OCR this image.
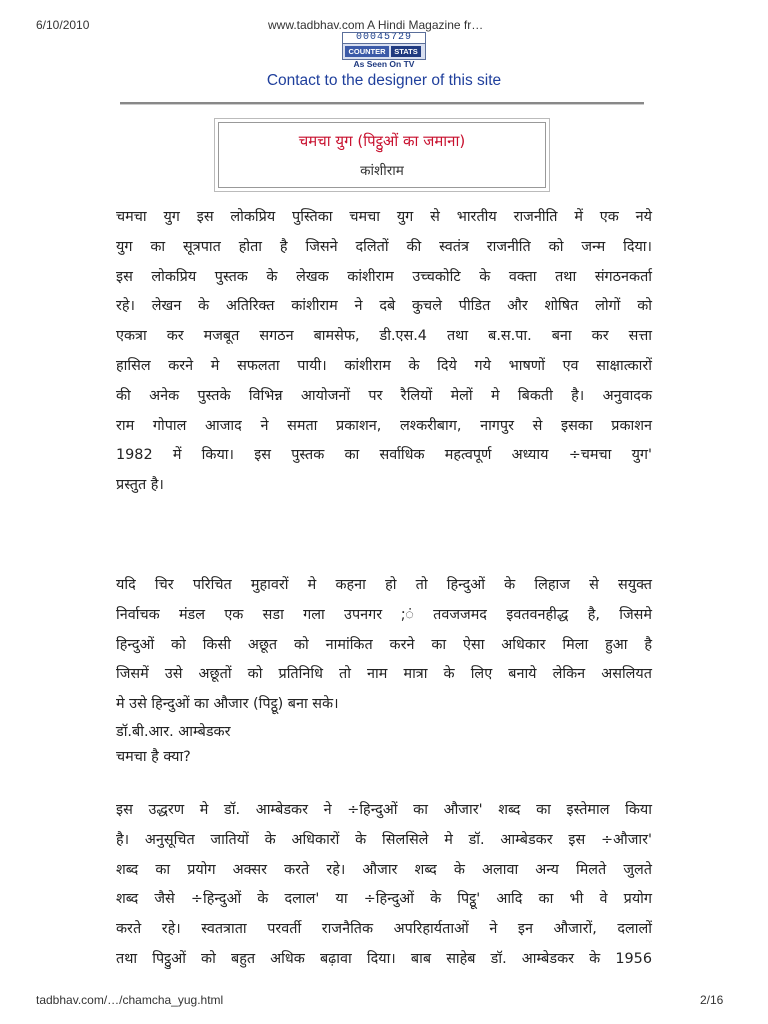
6/10/2010	www.tadbhav.com A Hindi Magazine fr…
00045729
COUNTER	STATS
As Seen On TV
Contact to the designer of this site
चमचा युग (पिट्ठुओं का जमाना)
कांशीराम
चमचा युग इस लोकप्रिय पुस्तिका चमचा युग से भारतीय राजनीति में एक नये
युग का सूत्रपात होता है जिसने दलितों की स्वतंत्र राजनीति को जन्म दिया।
इस लोकप्रिय पुस्तक के लेखक कांशीराम उच्चकोटि के वक्ता तथा संगठनकर्ता
रहे। लेखन के अतिरिक्त कांशीराम ने दबे कुचले पीडित और शोषित लोगों को
एकत्रा कर मजबूत सगठन बामसेफ, डी.एस.4 तथा ब.स.पा. बना कर सत्ता
हासिल करने मे सफलता पायी। कांशीराम के दिये गये भाषणों एव साक्षात्कारों
की अनेक पुस्तके विभिन्न आयोजनों पर रैलियों मेलों मे बिकती है। अनुवादक
राम गोपाल आजाद ने समता प्रकाशन, लश्करीबाग, नागपुर से इसका प्रकाशन
1982 में किया। इस पुस्तक का सर्वाधिक महत्वपूर्ण अध्याय ÷चमचा युग'
प्रस्तुत है।
यदि चिर परिचित मुहावरों मे कहना हो तो हिन्दुओं के लिहाज से सयुक्त
निर्वाचक मंडल एक सडा गला उपनगर ;ं तवजजमद इवतवनहीद्ध है, जिसमे
हिन्दुओं को किसी अछूत को नामांकित करने का ऐसा अधिकार मिला हुआ है
जिसमें उसे अछूतों को प्रतिनिधि तो नाम मात्रा के लिए बनाये लेकिन असलियत
मे उसे हिन्दुओं का औजार (पिट्ठू) बना सके।
डॉ.बी.आर. आम्बेडकर
चमचा है क्या?
इस उद्धरण मे डॉ. आम्बेडकर ने ÷हिन्दुओं का औजार' शब्द का इस्तेमाल किया
है। अनुसूचित जातियों के अधिकारों के सिलसिले मे डॉ. आम्बेडकर इस ÷औजार'
शब्द का प्रयोग अक्सर करते रहे। औजार शब्द के अलावा अन्य मिलते जुलते
शब्द जैसे ÷हिन्दुओं के दलाल' या ÷हिन्दुओं के पिट्ठू' आदि का भी वे प्रयोग
करते रहे। स्वतत्राता परवर्ती राजनैतिक अपरिहार्यताओं ने इन औजारों, दलालों
तथा पिट्ठुओं को बहुत अधिक बढ़ावा दिया। बाब साहेब डॉ. आम्बेडकर के 1956
tadbhav.com/…/chamcha_yug.html	2/16
